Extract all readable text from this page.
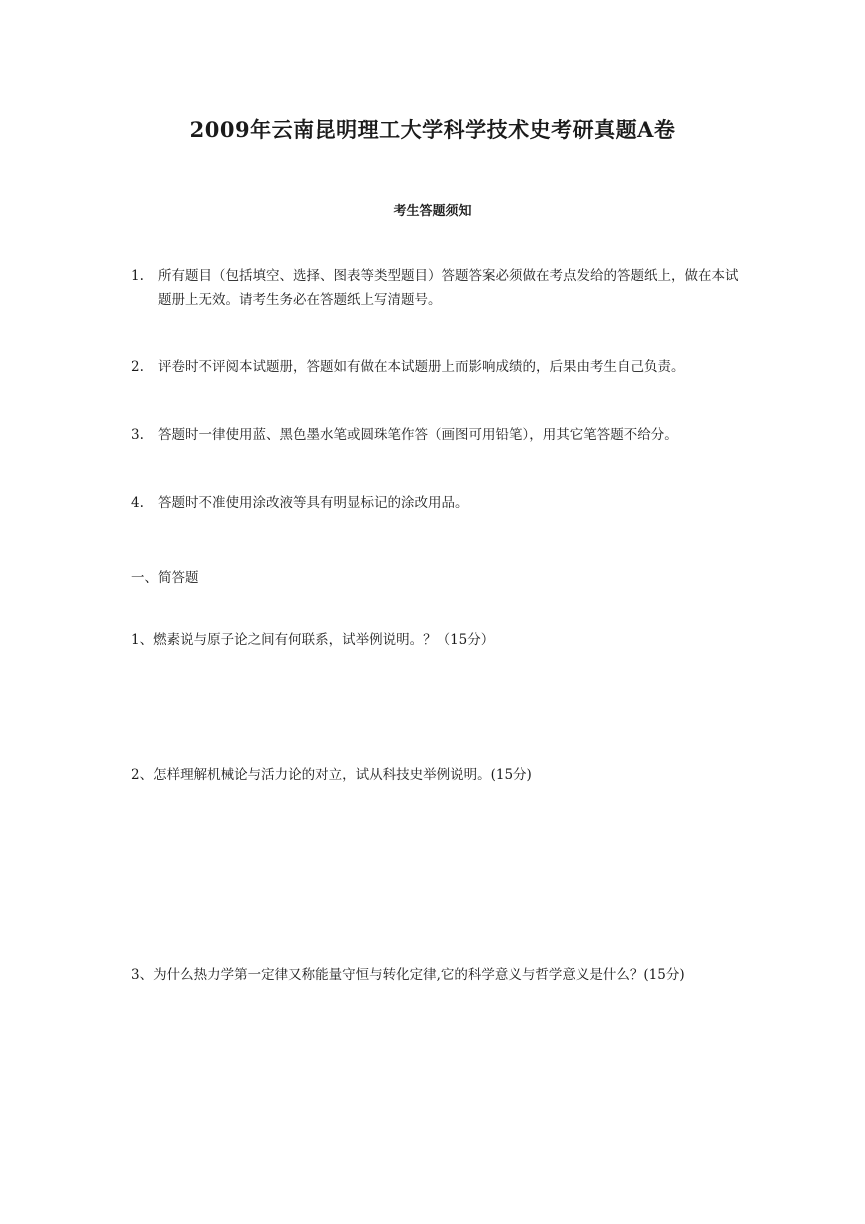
2009年云南昆明理工大学科学技术史考研真题A卷
考生答题须知
1.	所有题目（包括填空、选择、图表等类型题目）答题答案必须做在考点发给的答题纸上，做在本试题册上无效。请考生务必在答题纸上写清题号。
2.	评卷时不评阅本试题册，答题如有做在本试题册上而影响成绩的，后果由考生自己负责。
3.	答题时一律使用蓝、黑色墨水笔或圆珠笔作答（画图可用铅笔），用其它笔答题不给分。
4.	答题时不准使用涂改液等具有明显标记的涂改用品。
一、简答题
1、燃素说与原子论之间有何联系，试举例说明。？（15分）
2、怎样理解机械论与活力论的对立，试从科技史举例说明。(15分)
3、为什么热力学第一定律又称能量守恒与转化定律,它的科学意义与哲学意义是什么？(15分)
